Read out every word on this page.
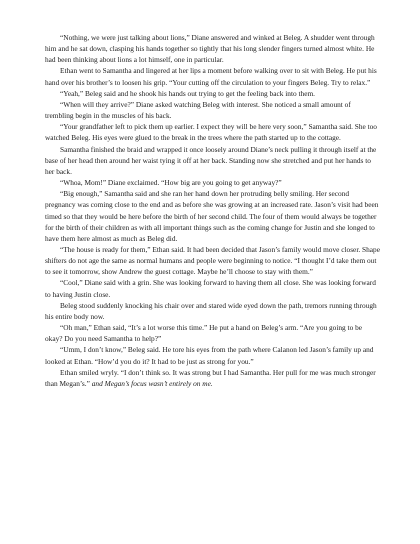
“Nothing, we were just talking about lions,” Diane answered and winked at Beleg. A shudder went through him and he sat down, clasping his hands together so tightly that his long slender fingers turned almost white. He had been thinking about lions a lot himself, one in particular.

Ethan went to Samantha and lingered at her lips a moment before walking over to sit with Beleg. He put his hand over his brother’s to loosen his grip. “Your cutting off the circulation to your fingers Beleg. Try to relax.”

“Yeah,” Beleg said and he shook his hands out trying to get the feeling back into them.

“When will they arrive?” Diane asked watching Beleg with interest. She noticed a small amount of trembling begin in the muscles of his back.

“Your grandfather left to pick them up earlier. I expect they will be here very soon,” Samantha said. She too watched Beleg. His eyes were glued to the break in the trees where the path started up to the cottage.

Samantha finished the braid and wrapped it once loosely around Diane’s neck pulling it through itself at the base of her head then around her waist tying it off at her back. Standing now she stretched and put her hands to her back.

“Whoa, Mom!” Diane exclaimed. “How big are you going to get anyway?”

“Big enough,” Samantha said and she ran her hand down her protruding belly smiling. Her second pregnancy was coming close to the end and as before she was growing at an increased rate. Jason’s visit had been timed so that they would be here before the birth of her second child. The four of them would always be together for the birth of their children as with all important things such as the coming change for Justin and she longed to have them here almost as much as Beleg did.

“The house is ready for them,” Ethan said. It had been decided that Jason’s family would move closer. Shape shifters do not age the same as normal humans and people were beginning to notice. “I thought I’d take them out to see it tomorrow, show Andrew the guest cottage. Maybe he’ll choose to stay with them.”

“Cool,” Diane said with a grin. She was looking forward to having them all close. She was looking forward to having Justin close.

Beleg stood suddenly knocking his chair over and stared wide eyed down the path, tremors running through his entire body now.

“Oh man,” Ethan said, “It’s a lot worse this time.” He put a hand on Beleg’s arm. “Are you going to be okay? Do you need Samantha to help?”

“Umm, I don’t know,” Beleg said. He tore his eyes from the path where Calanon led Jason’s family up and looked at Ethan. “How’d you do it? It had to be just as strong for you.”

Ethan smiled wryly. “I don’t think so. It was strong but I had Samantha. Her pull for me was much stronger than Megan’s.” and Megan’s focus wasn’t entirely on me.
